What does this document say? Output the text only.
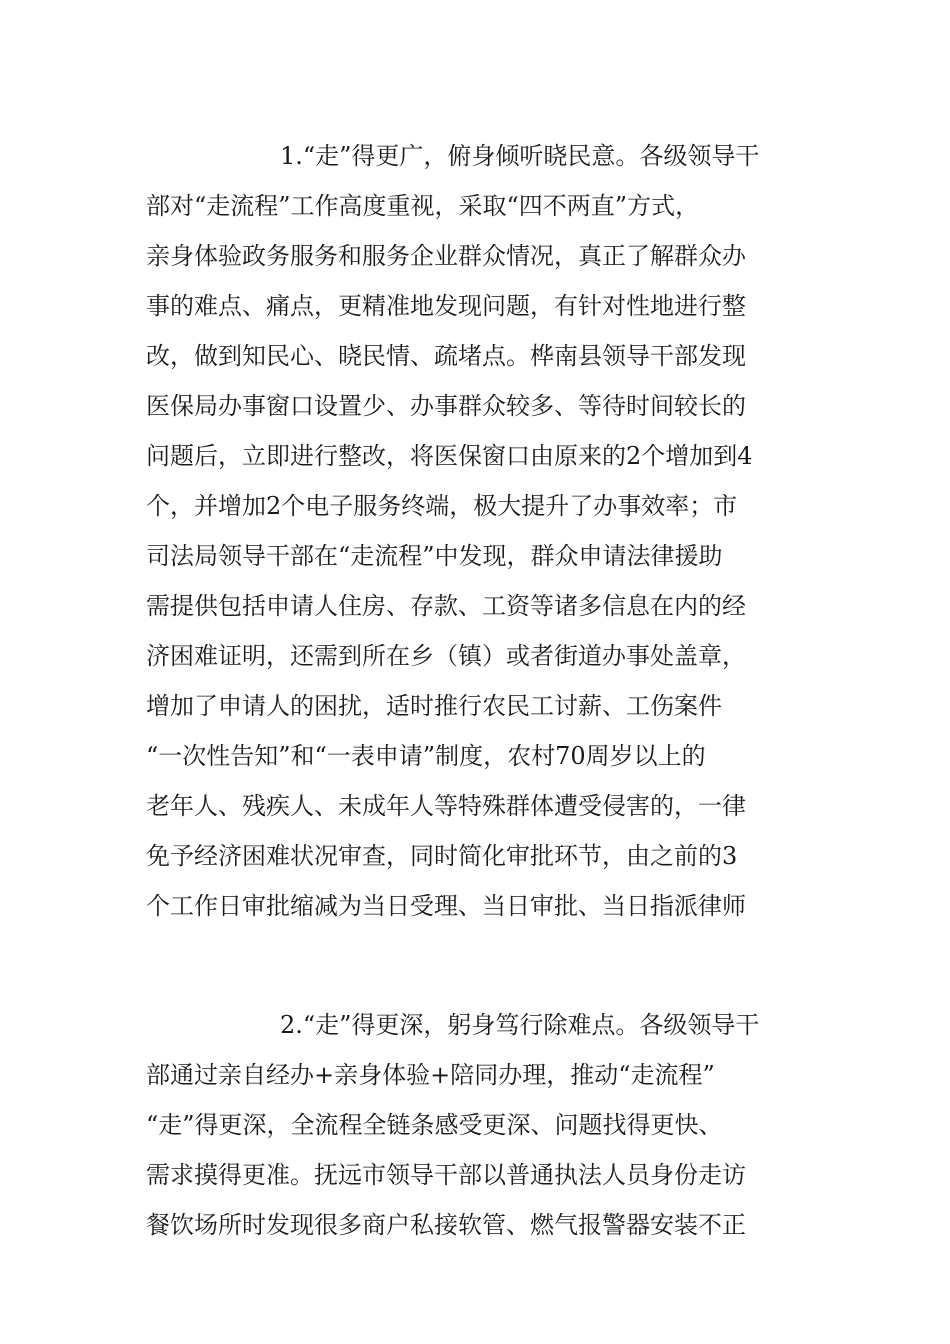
1.“走”得更广，俯身倾听晓民意。各级领导干
部对“走流程”工作高度重视，采取“四不两直”方式，
亲身体验政务服务和服务企业群众情况，真正了解群众办
事的难点、痛点，更精准地发现问题，有针对性地进行整
改，做到知民心、晓民情、疏堵点。桦南县领导干部发现
医保局办事窗口设置少、办事群众较多、等待时间较长的
问题后，立即进行整改，将医保窗口由原来的2个增加到4
个，并增加2个电子服务终端，极大提升了办事效率；市
司法局领导干部在“走流程”中发现，群众申请法律援助
需提供包括申请人住房、存款、工资等诸多信息在内的经
济困难证明，还需到所在乡（镇）或者街道办事处盖章，
增加了申请人的困扰，适时推行农民工讨薪、工伤案件
“一次性告知”和“一表申请”制度，农村70周岁以上的
老年人、残疾人、未成年人等特殊群体遭受侵害的，一律
免予经济困难状况审查，同时简化审批环节，由之前的3
个工作日审批缩减为当日受理、当日审批、当日指派律师
2.“走”得更深，躬身笃行除难点。各级领导干
部通过亲自经办+亲身体验+陪同办理，推动“走流程”
“走”得更深，全流程全链条感受更深、问题找得更快、
需求摸得更准。抚远市领导干部以普通执法人员身份走访
餐饮场所时发现很多商户私接软管、燃气报警器安装不正
